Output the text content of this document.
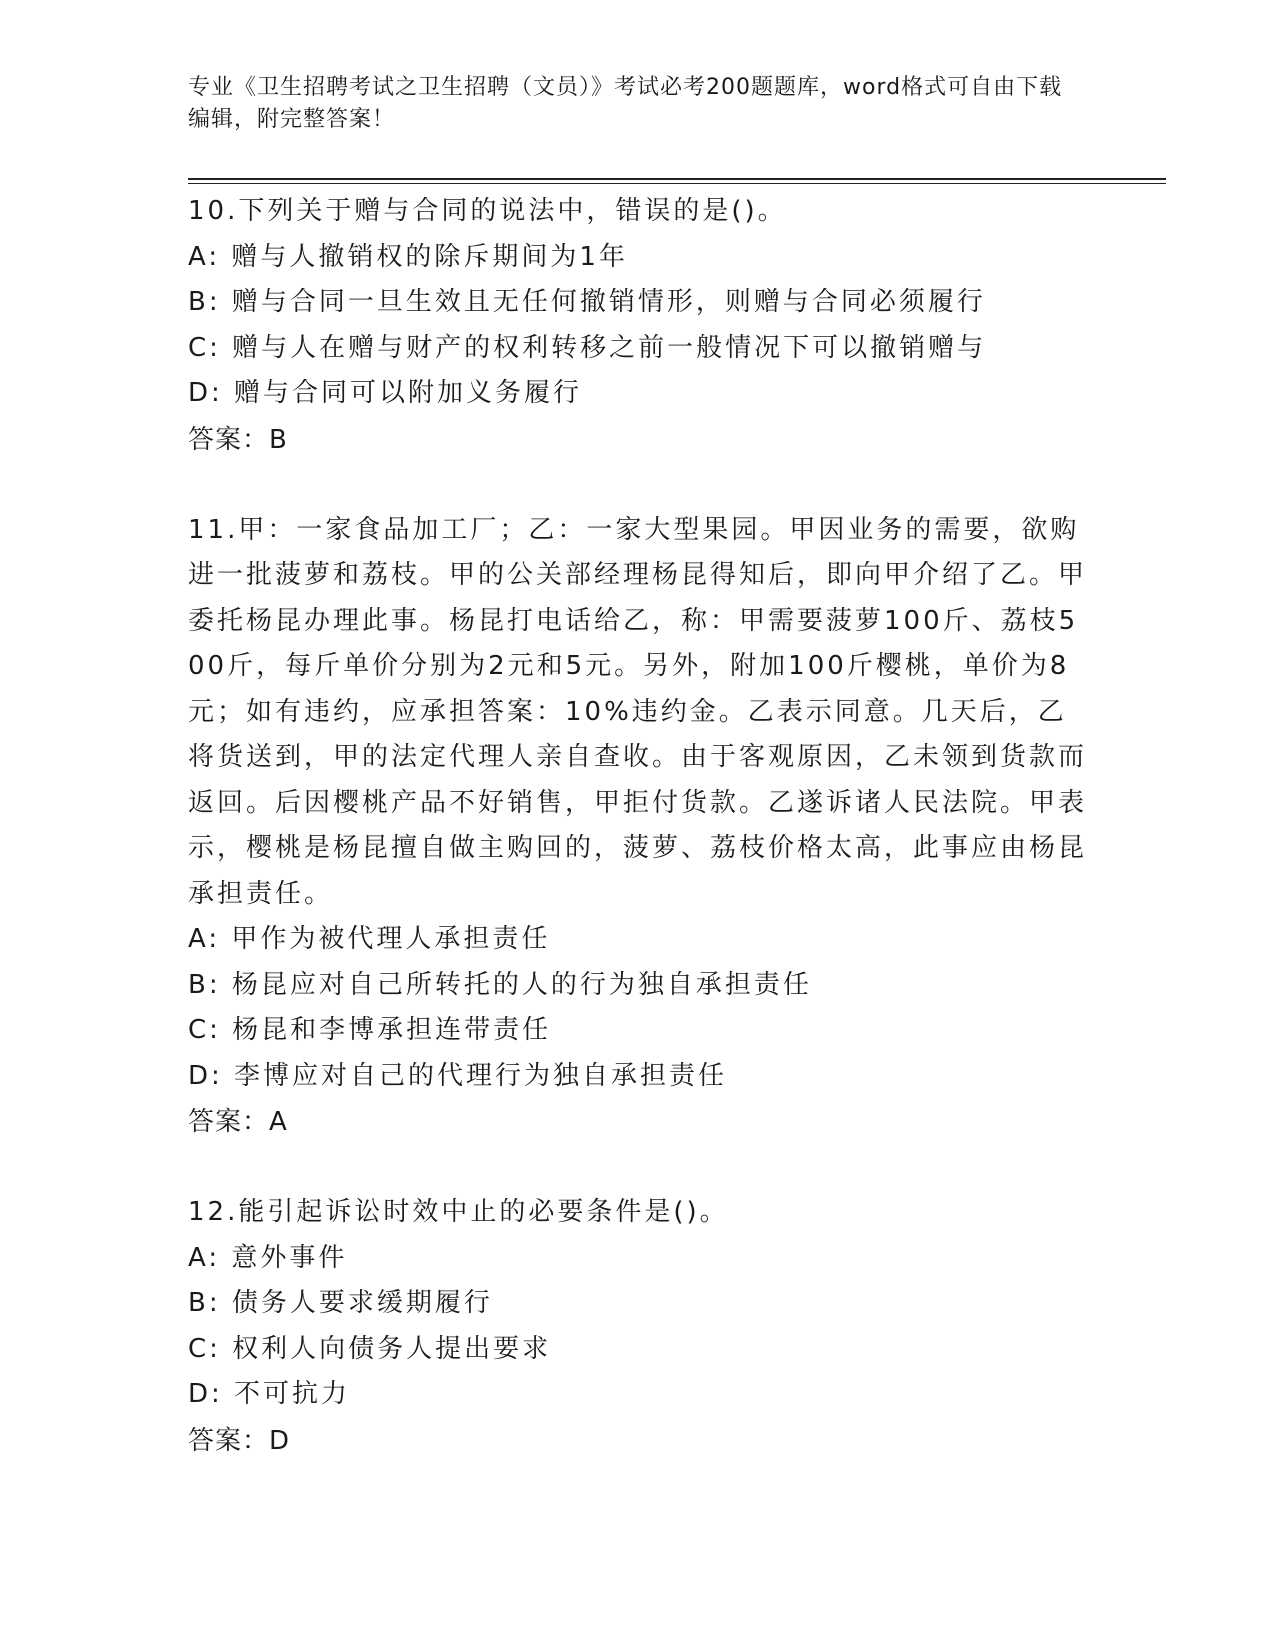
专业《卫生招聘考试之卫生招聘（文员）》考试必考200题题库，word格式可自由下载编辑，附完整答案！
10.下列关于赠与合同的说法中，错误的是()。
A: 赠与人撤销权的除斥期间为1年
B: 赠与合同一旦生效且无任何撤销情形，则赠与合同必须履行
C: 赠与人在赠与财产的权利转移之前一般情况下可以撤销赠与
D: 赠与合同可以附加义务履行
答案：B
11.甲：一家食品加工厂；乙：一家大型果园。甲因业务的需要，欲购进一批菠萝和荔枝。甲的公关部经理杨昆得知后，即向甲介绍了乙。甲委托杨昆办理此事。杨昆打电话给乙，称：甲需要菠萝100斤、荔枝500斤，每斤单价分别为2元和5元。另外，附加100斤樱桃，单价为8元；如有违约，应承担答案：10%违约金。乙表示同意。几天后，乙将货送到，甲的法定代理人亲自查收。由于客观原因，乙未领到货款而返回。后因樱桃产品不好销售，甲拒付货款。乙遂诉诸人民法院。甲表示，樱桃是杨昆擅自做主购回的，菠萝、荔枝价格太高，此事应由杨昆承担责任。
A: 甲作为被代理人承担责任
B: 杨昆应对自己所转托的人的行为独自承担责任
C: 杨昆和李博承担连带责任
D: 李博应对自己的代理行为独自承担责任
答案：A
12.能引起诉讼时效中止的必要条件是()。
A: 意外事件
B: 债务人要求缓期履行
C: 权利人向债务人提出要求
D: 不可抗力
答案：D
